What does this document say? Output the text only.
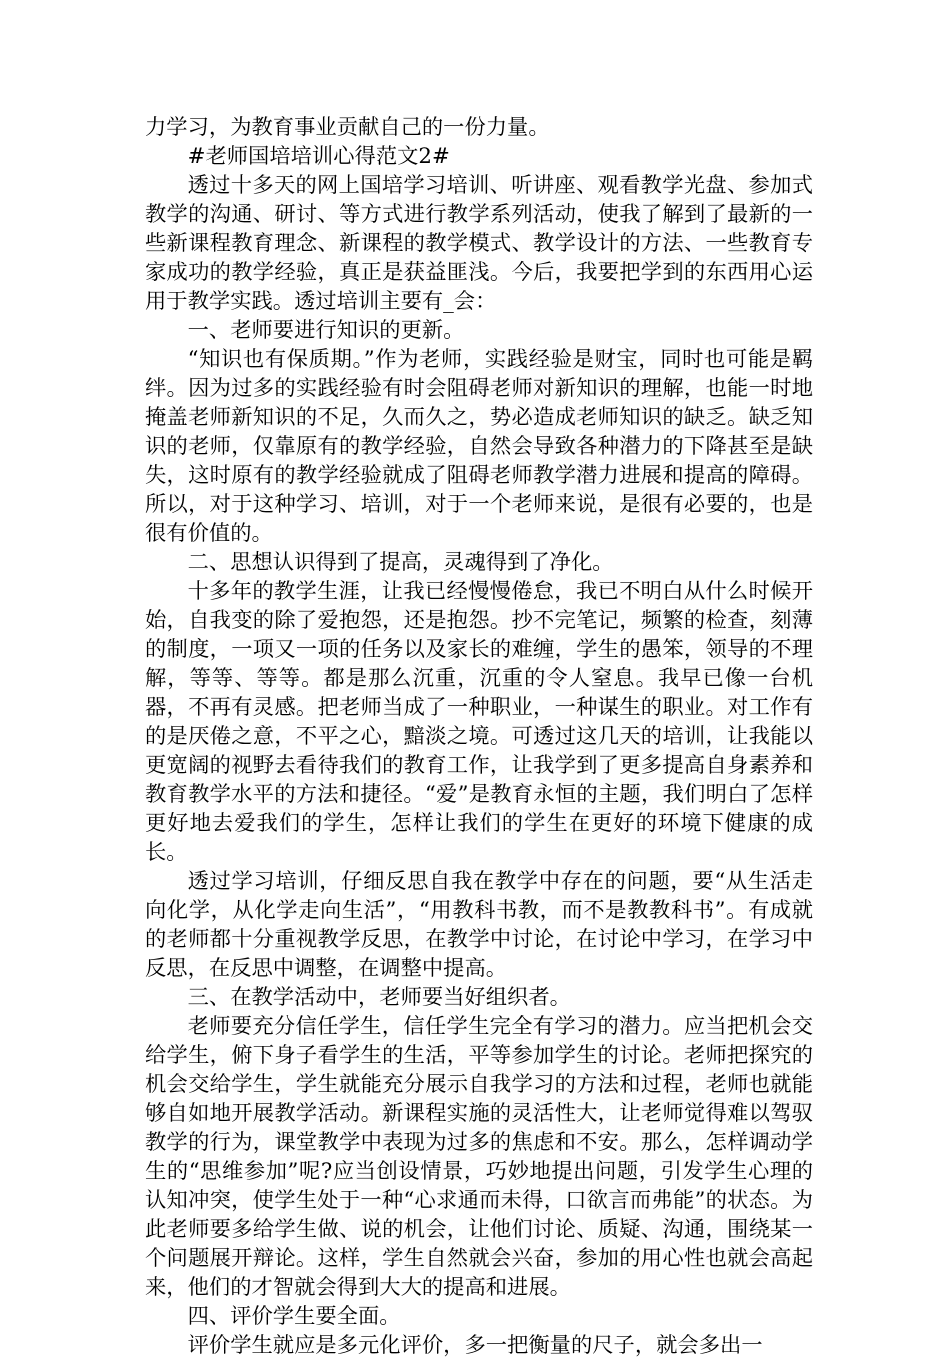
力学习，为教育事业贡献自己的一份力量。

#老师国培培训心得范文2#

透过十多天的网上国培学习培训、听讲座、观看教学光盘、参加式教学的沟通、研讨、等方式进行教学系列活动，使我了解到了最新的一些新课程教育理念、新课程的教学模式、教学设计的方法、一些教育专家成功的教学经验，真正是获益匪浅。今后，我要把学到的东西用心运用于教学实践。透过培训主要有_会：

一、老师要进行知识的更新。

“知识也有保质期。”作为老师，实践经验是财宝，同时也可能是羁绊。因为过多的实践经验有时会阻碍老师对新知识的理解，也能一时地掩盖老师新知识的不足，久而久之，势必造成老师知识的缺乏。缺乏知识的老师，仅靠原有的教学经验，自然会导致各种潜力的下降甚至是缺失，这时原有的教学经验就成了阻碍老师教学潜力进展和提高的障碍。所以，对于这种学习、培训，对于一个老师来说，是很有必要的，也是很有价值的。

二、思想认识得到了提高，灵魂得到了净化。

十多年的教学生涯，让我已经慢慢倦怠，我已不明白从什么时候开始，自我变的除了爱抱怨，还是抱怨。抄不完笔记，频繁的检查，刻薄的制度，一项又一项的任务以及家长的难缠，学生的愚笨，领导的不理解，等等、等等。都是那么沉重，沉重的令人窒息。我早已像一台机器，不再有灵感。把老师当成了一种职业，一种谋生的职业。对工作有的是厌倦之意，不平之心，黯淡之境。可透过这几天的培训，让我能以更宽阔的视野去看待我们的教育工作，让我学到了更多提高自身素养和教育教学水平的方法和捷径。“爱”是教育永恒的主题，我们明白了怎样更好地去爱我们的学生，怎样让我们的学生在更好的环境下健康的成长。

透过学习培训，仔细反思自我在教学中存在的问题，要“从生活走向化学，从化学走向生活”，“用教科书教，而不是教教科书”。有成就的老师都十分重视教学反思，在教学中讨论，在讨论中学习，在学习中反思，在反思中调整，在调整中提高。

三、在教学活动中，老师要当好组织者。

老师要充分信任学生，信任学生完全有学习的潜力。应当把机会交给学生，俯下身子看学生的生活，平等参加学生的讨论。老师把探究的机会交给学生，学生就能充分展示自我学习的方法和过程，老师也就能够自如地开展教学活动。新课程实施的灵活性大，让老师觉得难以驾驭教学的行为，课堂教学中表现为过多的焦虑和不安。那么，怎样调动学生的“思维参加”呢?应当创设情景，巧妙地提出问题，引发学生心理的认知冲突，使学生处于一种“心求通而未得，口欲言而弗能”的状态。为此老师要多给学生做、说的机会，让他们讨论、质疑、沟通，围绕某一个问题展开辩论。这样，学生自然就会兴奋，参加的用心性也就会高起来，他们的才智就会得到大大的提高和进展。

四、评价学生要全面。

评价学生就应是多元化评价，多一把衡量的尺子，就会多出一
